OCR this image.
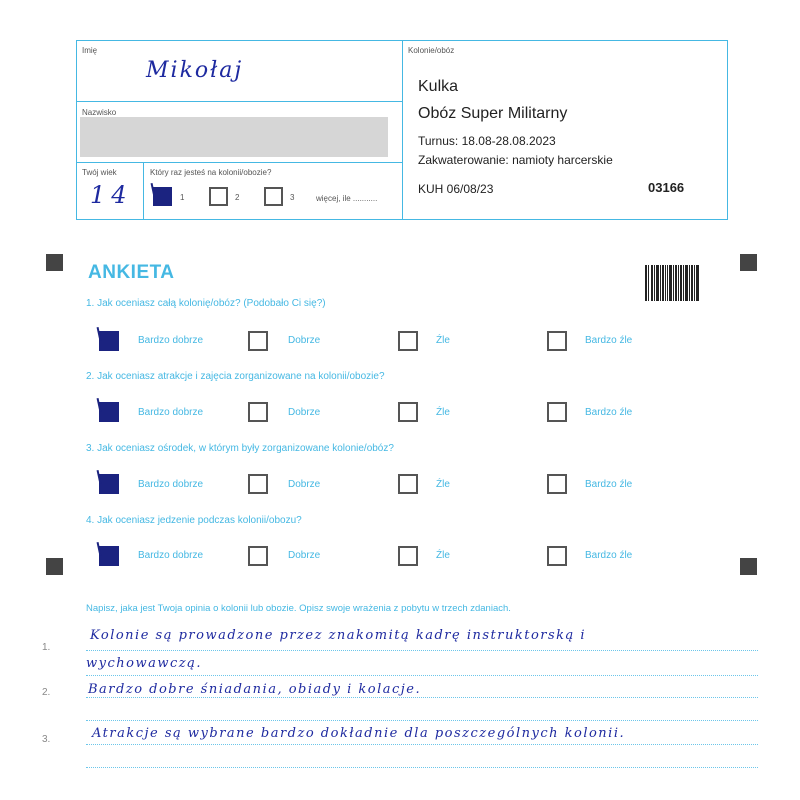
Imię
Mikołaj
Nazwisko
Twój wiek
14
Który raz jesteś na kolonii/obozie?
1	2	3	więcej, ile ...........
Kolonie/obóz
Kulka
Obóz Super Militarny
Turnus: 18.08-28.08.2023
Zakwaterowanie: namioty harcerskie
KUH 06/08/23	03166
ANKIETA
1. Jak oceniasz całą kolonię/obóz? (Podobało Ci się?)
Bardzo dobrze	Dobrze	Źle	Bardzo źle
2. Jak oceniasz atrakcje i zajęcia zorganizowane na kolonii/obozie?
Bardzo dobrze	Dobrze	Źle	Bardzo źle
3. Jak oceniasz ośrodek, w którym były zorganizowane kolonie/obóz?
Bardzo dobrze	Dobrze	Źle	Bardzo źle
4. Jak oceniasz jedzenie podczas kolonii/obozu?
Bardzo dobrze	Dobrze	Źle	Bardzo źle
Napisz, jaka jest Twoja opinia o kolonii lub obozie. Opisz swoje wrażenia z pobytu w trzech zdaniach.
1.
2.
3.
Kolonie są prowadzone przez znakomitą kadrę instruktorską i
wychowawczą.
Bardzo dobre śniadania, obiady i kolacje.
Atrakcje są wybrane bardzo dokładnie dla poszczególnych kolonii.
